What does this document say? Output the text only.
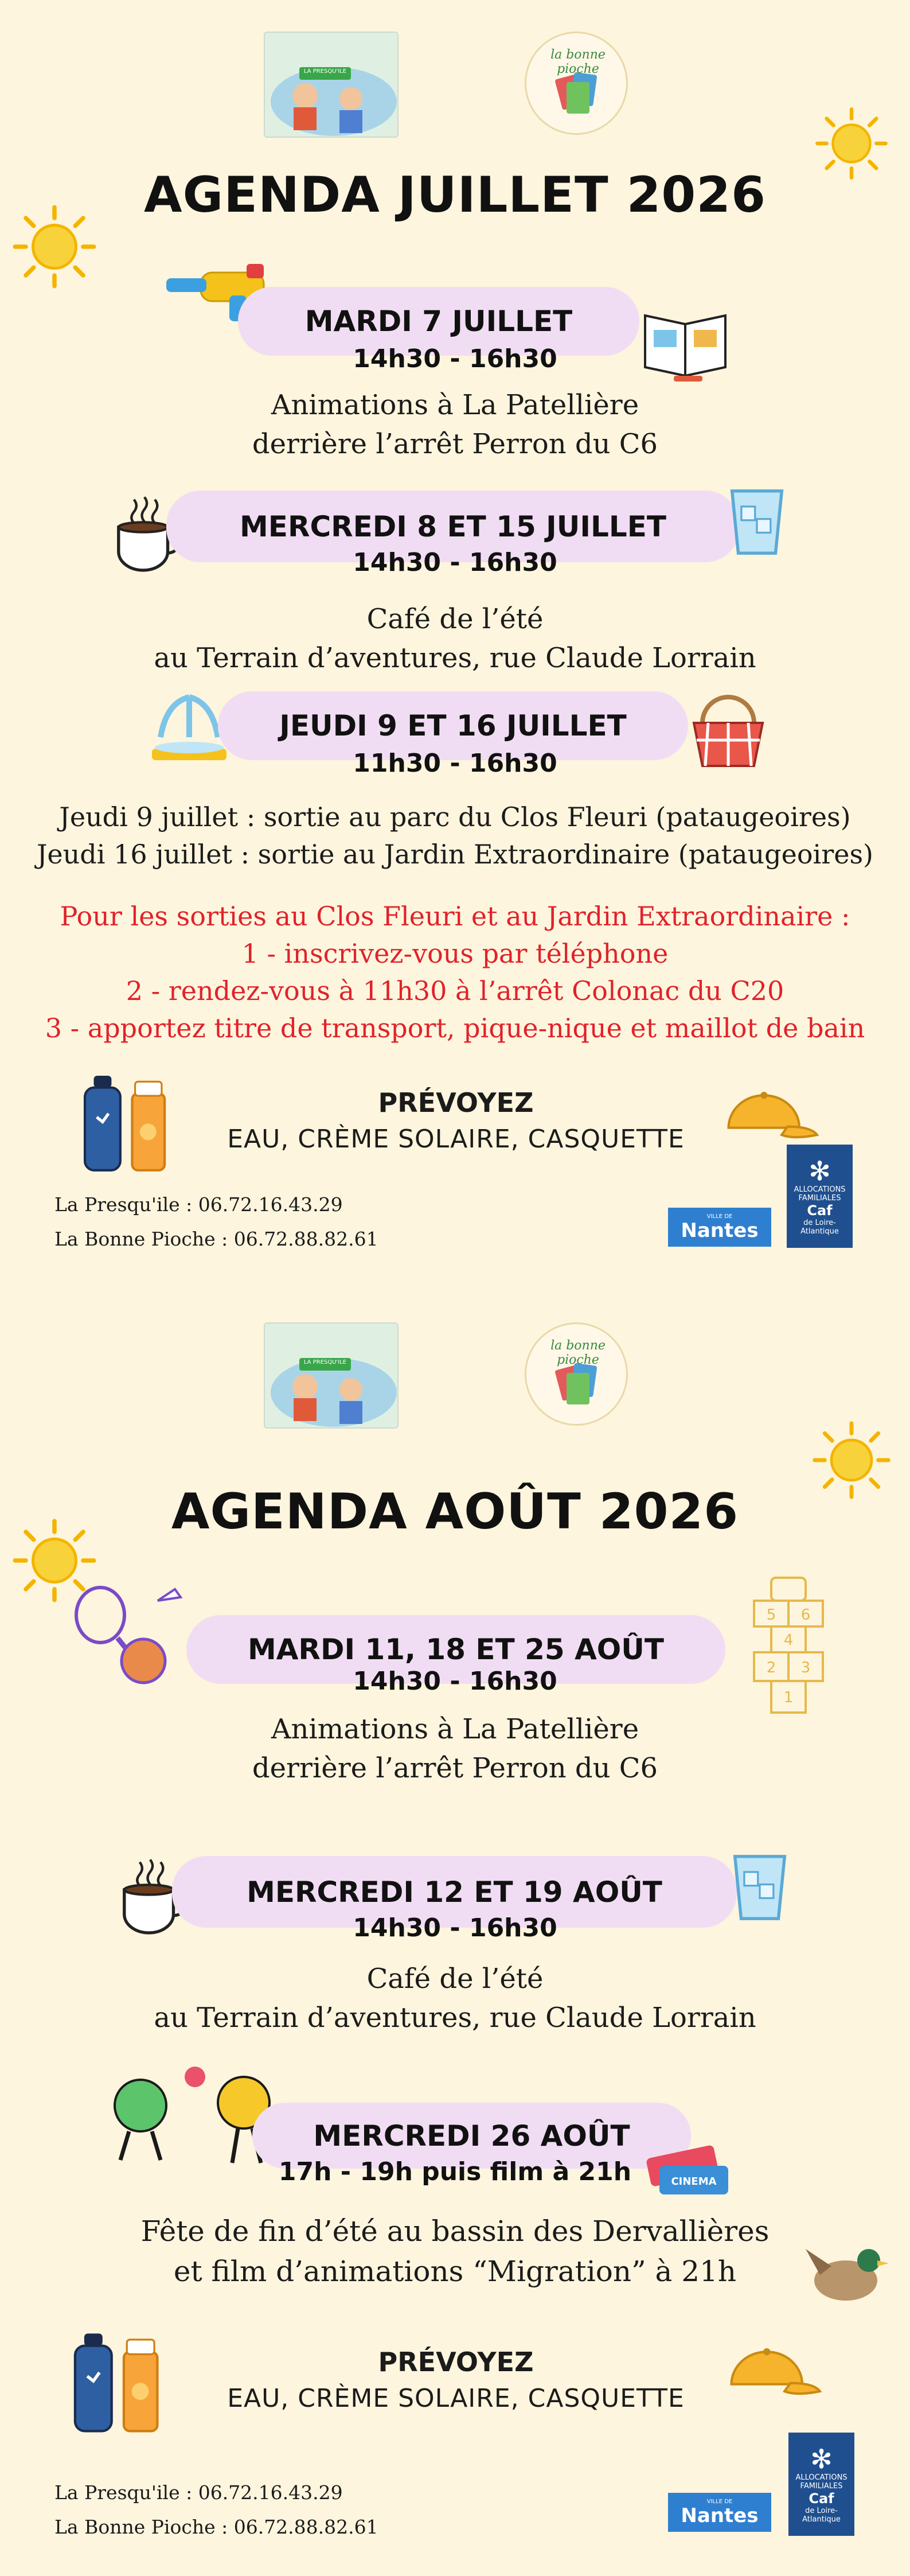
LA PRESQU'ILE
la bonne pioche
AGENDA JUILLET 2026
MARDI 7 JUILLET
14h30 - 16h30
Animations à La Patellière
derrière l’arrêt Perron du C6
MERCREDI 8 ET 15 JUILLET
14h30 - 16h30
Café de l’été
au Terrain d’aventures, rue Claude Lorrain
JEUDI 9 ET 16 JUILLET
11h30 - 16h30
Jeudi 9 juillet : sortie au parc du Clos Fleuri (pataugeoires)
Jeudi 16 juillet : sortie au Jardin Extraordinaire (pataugeoires)
Pour les sorties au Clos Fleuri et au Jardin Extraordinaire :
1 - inscrivez-vous par téléphone
2 - rendez-vous à 11h30 à l’arrêt Colonac du C20
3 - apportez titre de transport, pique-nique et maillot de bain
PRÉVOYEZ
EAU, CRÈME SOLAIRE, CASQUETTE
La Presqu'ile : 06.72.16.43.29
La Bonne Pioche : 06.72.88.82.61
VILLE DE
Nantes
✻
ALLOCATIONS FAMILIALES
Caf
de Loire-Atlantique
LA PRESQU'ILE
la bonne pioche
AGENDA AOÛT 2026
MARDI 11, 18 ET 25 AOÛT
5 6
4
2 3
1
14h30 - 16h30
Animations à La Patellière
derrière l’arrêt Perron du C6
MERCREDI 12 ET 19 AOÛT
14h30 - 16h30
Café de l’été
au Terrain d’aventures, rue Claude Lorrain
MERCREDI 26 AOÛT
CINEMA
17h - 19h puis film à 21h
Fête de fin d’été au bassin des Dervallières
et film d’animations “Migration” à 21h
PRÉVOYEZ
EAU, CRÈME SOLAIRE, CASQUETTE
La Presqu'ile : 06.72.16.43.29
La Bonne Pioche : 06.72.88.82.61
VILLE DE
Nantes
✻
ALLOCATIONS FAMILIALES
Caf
de Loire-Atlantique
